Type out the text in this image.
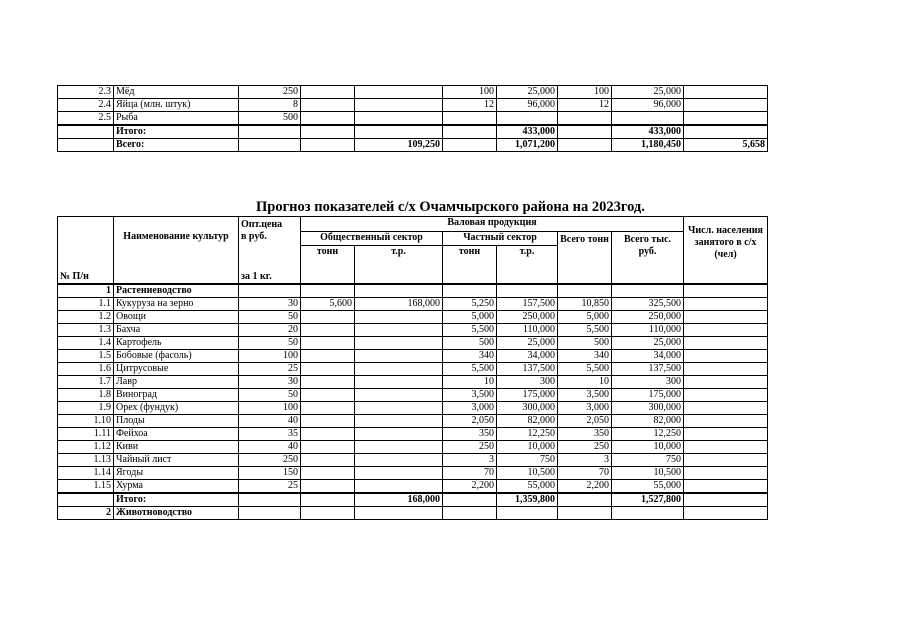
2.3	Мёд	250			100	25,000	100	25,000	
2.4	Яйца (млн. штук)	8			12	96,000	12	96,000	
2.5	Рыба	500							
	Итого:					433,000		433,000	
	Всего:			109,250		1,071,200		1,180,450	5,658
Прогноз показателей с/х Очамчырского района на 2023год.
№ П/н	Наименование культур	Опт.цена	Валовая продукция						Числ. населения занятого в с/х (чел)
		в руб.	Общественный сектор		Частный сектор		Всего тонн	Всего тыс. руб.	
		за 1 кг.	тонн	т.р.	тонн	т.р.			
1	Растениеводство								
1.1	Кукуруза на зерно	30	5,600	168,000	5,250	157,500	10,850	325,500	
1.2	Овощи	50			5,000	250,000	5,000	250,000	
1.3	Бахча	20			5,500	110,000	5,500	110,000	
1.4	Картофель	50			500	25,000	500	25,000	
1.5	Бобовые (фасоль)	100			340	34,000	340	34,000	
1.6	Цитрусовые	25			5,500	137,500	5,500	137,500	
1.7	Лавр	30			10	300	10	300	
1.8	Виноград	50			3,500	175,000	3,500	175,000	
1.9	Орех (фундук)	100			3,000	300,000	3,000	300,000	
1.10	Плоды	40			2,050	82,000	2,050	82,000	
1.11	Фейхоа	35			350	12,250	350	12,250	
1.12	Киви	40			250	10,000	250	10,000	
1.13	Чайный лист	250			3	750	3	750	
1.14	Ягоды	150			70	10,500	70	10,500	
1.15	Хурма	25			2,200	55,000	2,200	55,000	
	Итого:			168,000		1,359,800		1,527,800	
2	Животноводство								
